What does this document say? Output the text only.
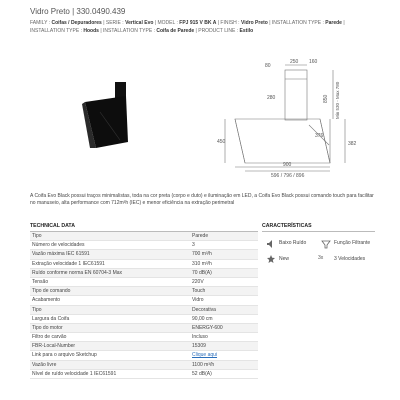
Vidro Preto | 330.0490.439
FAMILY : Coifas / Depuradores | SERIE : Vertical Evo | MODEL : FPJ 915 V BK A | FINISH : Vidro Preto | INSTALLATION TYPE : Parede | INSTALLATION TYPE : Hoods | INSTALLATION TYPE : Coifa de Parede | PRODUCT LINE : Estilo
250
80
280
160
450
376
382
900
596 / 796 / 896
Min 530 - Max 780
850
A Coifa Evo Black possui traços minimalistas, toda na cor preta (corpo e duto) e iluminação em LED, a Coifa Evo Black possui comando touch para facilitar no manuseio, alta performance com 712m³h (IEC) e menor eficiência na extração perimetral
TECHNICAL DATA
Tipo	Parede
Número de velocidades	3
Vazão máxima IEC 61591	700 m³/h
Extração velocidade 1 IEC61591	310 m³/h
Ruído conforme norma EN 60704-3 Max	70 dB(A)
Tensão	220V
Tipo de comando	Touch
Acabamento	Vidro
Tipo	Decorativa
Largura da Coifa	90,00 cm
Tipo do motor	ENERGY-600
Filtro de carvão	Incluso
FBR-Local-Number	15309
Link para o arquivo Sketchup	Clique aqui
Vazão livre	1100 m³/h
Nível de ruído velocidade 1 IEC61591	52 dB(A)
CARACTERÍSTICAS
Baixo Ruído	Função Filtrante
New	3x 3 Velocidades
